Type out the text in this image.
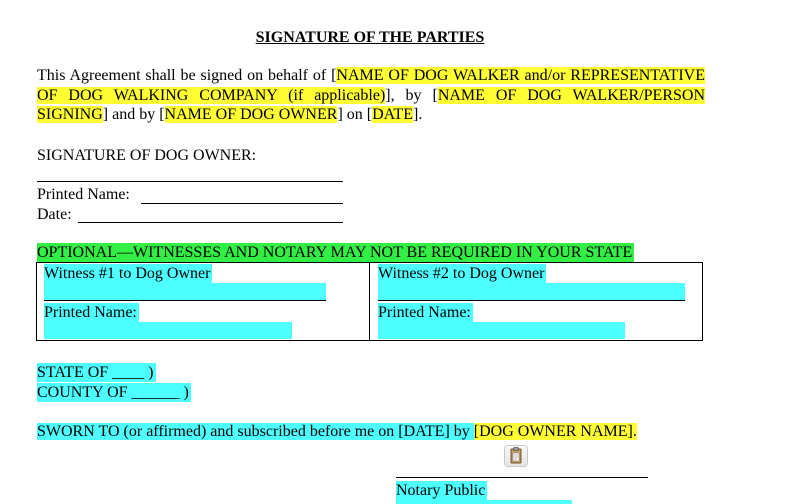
SIGNATURE OF THE PARTIES
This Agreement shall be signed on behalf of [NAME OF DOG WALKER and/or REPRESENTATIVE OF DOG WALKING COMPANY (if applicable)], by [NAME OF DOG WALKER/PERSON SIGNING] and by [NAME OF DOG OWNER] on [DATE].
SIGNATURE OF DOG OWNER:
Printed Name:
Date:
OPTIONAL—WITNESSES AND NOTARY MAY NOT BE REQUIRED IN YOUR STATE
Witness #1 to Dog Owner
Printed Name:
Witness #2 to Dog Owner
Printed Name:
STATE OF ____ )
COUNTY OF ______ )
SWORN TO (or affirmed) and subscribed before me on [DATE] by [DOG OWNER NAME].
Notary Public
